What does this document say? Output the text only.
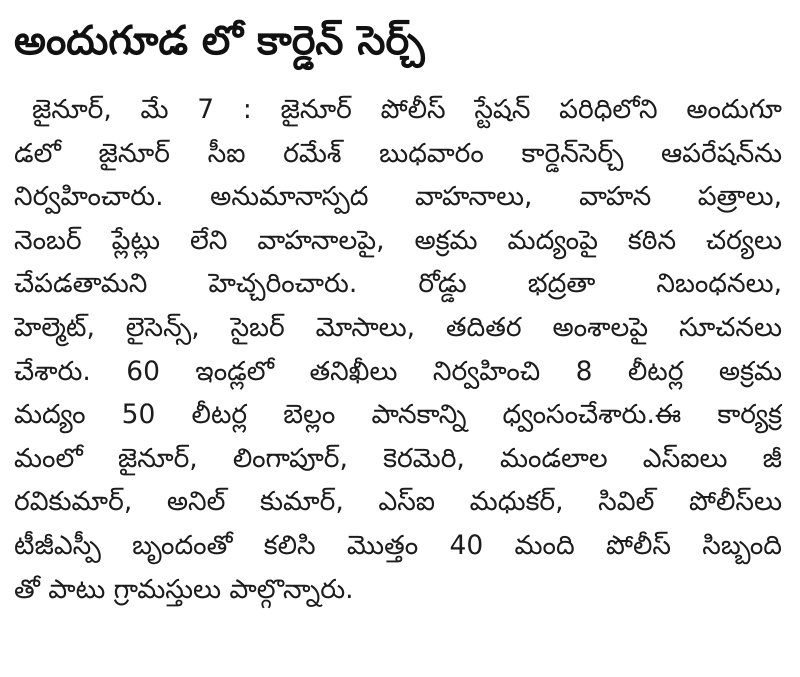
అందుగూడ లో కార్డెన్ సెర్చ్
జైనూర్, మే 7 : జైనూర్ పోలీస్ స్టేషన్ పరిధిలోని అందుగూ
డలో జైనూర్ సీఐ రమేశ్ బుధవారం కార్డెన్‌సెర్చ్ ఆపరేషన్‌ను
నిర్వహించారు. అనుమానాస్పద వాహనాలు, వాహన పత్రాలు,
నెంబర్ ప్లేట్లు లేని వాహనాలపై, అక్రమ మద్యంపై కఠిన చర్యలు
చేపడతామని హెచ్చరించారు. రోడ్డు భద్రతా నిబంధనలు,
హెల్మెట్, లైసెన్స్, సైబర్ మోసాలు, తదితర అంశాలపై సూచనలు
చేశారు. 60 ఇండ్లలో తనిఖీలు నిర్వహించి 8 లీటర్ల అక్రమ
మద్యం 50 లీటర్ల బెల్లం పానకాన్ని ధ్వంసంచేశారు.ఈ కార్యక్ర
మంలో జైనూర్, లింగాపూర్, కెరమెరి, మండలాల ఎస్‌ఐలు జీ
రవికుమార్, అనిల్ కుమార్, ఎస్ఐ మధుకర్, సివిల్ పోలీస్‌లు
టీజీఎస్పీ బృందంతో కలిసి మొత్తం 40 మంది పోలీస్ సిబ్బంది
తో పాటు గ్రామస్తులు పాల్గొన్నారు.
